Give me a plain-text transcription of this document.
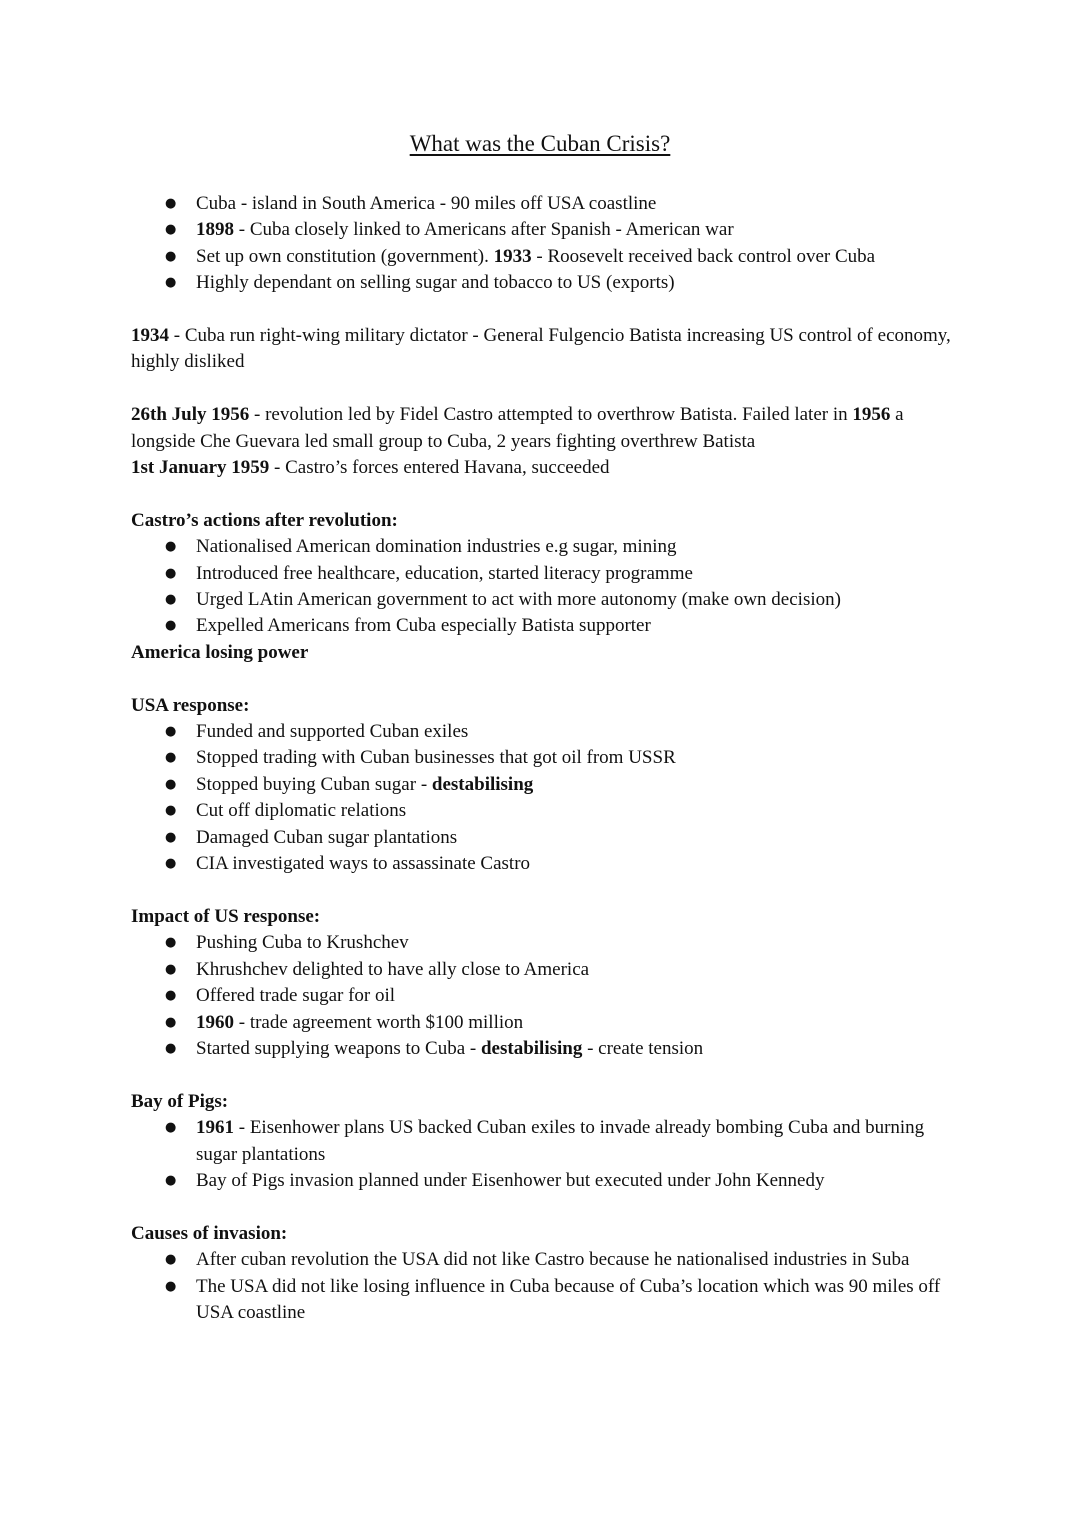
What was the Cuban Crisis?
● Cuba - island in South America - 90 miles off USA coastline
● 1898 - Cuba closely linked to Americans after Spanish - American war
● Set up own constitution (government). 1933 - Roosevelt received back control over Cuba
● Highly dependant on selling sugar and tobacco to US (exports)

1934 - Cuba run right-wing military dictator - General Fulgencio Batista increasing US control of economy, highly disliked

26th July 1956 - revolution led by Fidel Castro attempted to overthrow Batista. Failed later in 1956 a longside Che Guevara led small group to Cuba, 2 years fighting overthrew Batista

1st January 1959 - Castro’s forces entered Havana, succeeded

Castro’s actions after revolution:

● Nationalised American domination industries e.g sugar, mining
● Introduced free healthcare, education, started literacy programme
● Urged LAtin American government to act with more autonomy (make own decision)
● Expelled Americans from Cuba especially Batista supporter

America losing power

USA response:

● Funded and supported Cuban exiles
● Stopped trading with Cuban businesses that got oil from USSR
● Stopped buying Cuban sugar - destabilising
● Cut off diplomatic relations
● Damaged Cuban sugar plantations
● CIA investigated ways to assassinate Castro

Impact of US response:

● Pushing Cuba to Krushchev
● Khrushchev delighted to have ally close to America
● Offered trade sugar for oil
● 1960 - trade agreement worth $100 million
● Started supplying weapons to Cuba - destabilising - create tension

Bay of Pigs:

● 1961 - Eisenhower plans US backed Cuban exiles to invade already bombing Cuba and burning sugar plantations
● Bay of Pigs invasion planned under Eisenhower but executed under John Kennedy

Causes of invasion:

● After cuban revolution the USA did not like Castro because he nationalised industries in Suba
● The USA did not like losing influence in Cuba because of Cuba’s location which was 90 miles off USA coastline
